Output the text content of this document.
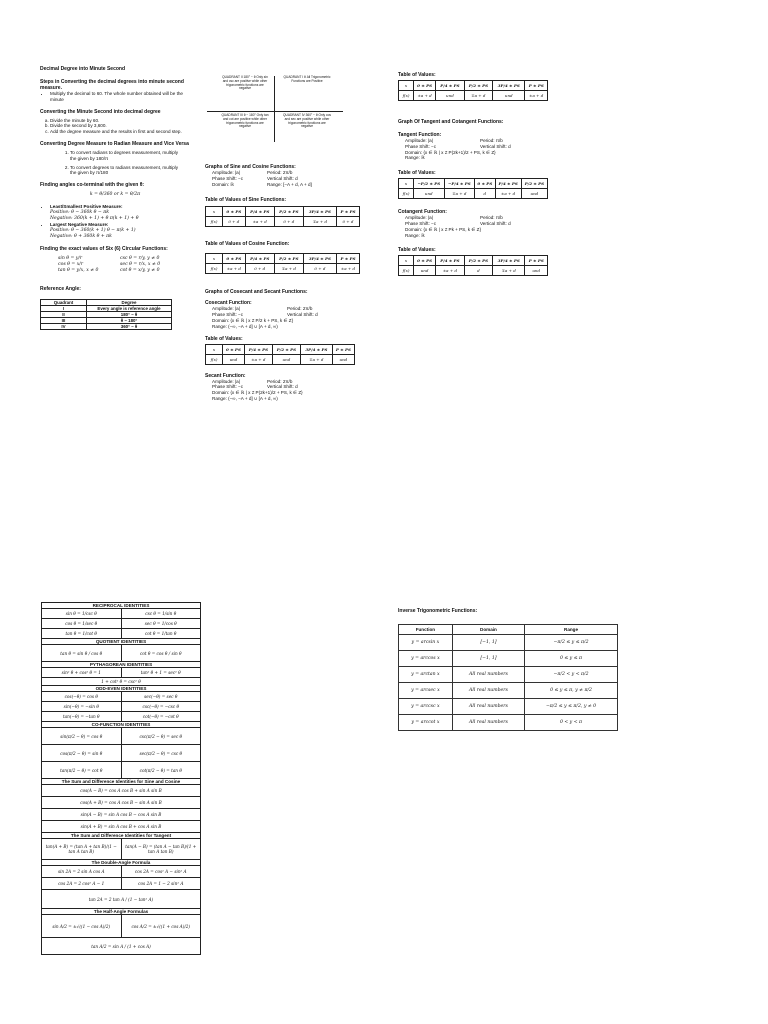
Decimal Degree into Minute Second
Steps in Converting the decimal degrees into minute second measure.
• Multiply the decimal to 60. The whole number obtained will be the minute
Converting the Minute Second into decimal degree
a. Divide the minute by 60.
b. Divide the second by 3,600.
c. Add the degree measure and the results in first and second step.
Converting Degree Measure to Radian Measure and Vice Versa
1. To convert radians to degrees measurement, multiply the given by 180/π
2. To convert degrees to radians measurement, multiply the given by π/180
Finding angles co-terminal with the given θ:
k = θ/360 or k = θ/2π
• Least/Smallest Positive Measure:
Positive: θ − 360k θ − πk
Negative: 360(k + 1) + θ π(k + 1) + θ
• Largest Negative Measure:
Positive: θ − 360(k + 1) θ − π(k + 1)
Negative: θ + 360k θ + πk
Finding the exact values of Six (6) Circular Functions:
sin θ = y/r	csc θ = r/y, y ≠ 0
cos θ = x/r	sec θ = r/x, x ≠ 0
tan θ = y/x, x ≠ 0	cot θ = x/y, y ≠ 0
Reference Angle:
Quadrant	Degree
I	Every angle is reference angle
II	180° − θ
III	θ − 180°
IV	360° − θ
QUADRANT II 180° − θ Only sin and csc are positive while other trigonometric functions are negative
QUADRANT I θ All Trigonometric Functions are Positive
QUADRANT III θ − 180° Only tan and cot are positive while other trigonometric functions are negative
QUADRANT IV 360° − θ Only cos and sec are positive while other trigonometric functions are negative
Graphs of Sine and Cosine Functions:
Amplitude: |a|	Period: 2π/b
Phase Shift: −c	Vertical Shift: d
Domain: ℝ	Range: [−A + d, A + d]
Table of Values of Sine Functions:
x	0 ± PS	P/4 ± PS	P/2 ± PS	3P/4 ± PS	P ± PS
f(x)	0 + d	±a + d	0 + d	∓a + d	0 + d
Table of Values of Cosine Function:
x	0 ± PS	P/4 ± PS	P/2 ± PS	3P/4 ± PS	P ± PS
f(x)	±a + d	0 + d	∓a + d	0 + d	±a + d
Graphs of Cosecant and Secant Functions:
Cosecant Function:
Amplitude: |a|	Period: 2π/b
Phase Shift: −c	Vertical Shift: d
Domain: {x ∈ ℝ | x ≠ P/2 k + PS, k ∈ Z}
Range: (−∞, −A + d] ∪ [A + d, ∞)
Table of Values:
x	0 ± PS	P/4 ± PS	P/2 ± PS	3P/4 ± PS	P ± PS
f(x)	und	±a + d	und	∓a + d	und
Secant Function:
Amplitude: |a|	Period: 2π/b
Phase Shift: −c	Vertical Shift: d
Domain: {x ∈ ℝ | x ≠ P(2k+1)/2 + PS, k ∈ Z}
Range: (−∞, −A + d] ∪ [A + d, ∞)
Table of Values:
x	0 ± PS	P/4 ± PS	P/2 ± PS	3P/4 ± PS	P ± PS
f(x)	±a + d	und	∓a + d	und	±a + d
Graph Of Tangent and Cotangent Functions:
Tangent Function:
Amplitude: |a|	Period: π/b
Phase Shift: −c	Vertical Shift: d
Domain: {x ∈ ℝ | x ≠ P(2k+1)/2 + PS, k ∈ Z}
Range: ℝ
Table of Values:
x	−P/2 ± PS	−P/4 ± PS	0 ± PS	P/4 ± PS	P/2 ± PS
f(x)	und	∓a + d	d	±a + d	und
Cotangent Function:
Amplitude: |a|	Period: π/b
Phase Shift: −c	Vertical Shift: d
Domain: {x ∈ ℝ | x ≠ Pk + PS, k ∈ Z}
Range: ℝ
Table of Values:
x	0 ± PS	P/4 ± PS	P/2 ± PS	3P/4 ± PS	P ± PS
f(x)	und	±a + d	d	∓a + d	und
RECIPROCAL IDENTITIES	
sin θ = 1/csc θ	csc θ = 1/sin θ
cos θ = 1/sec θ	sec θ = 1/cos θ
tan θ = 1/cot θ	cot θ = 1/tan θ
QUOTIENT IDENTITIES	
tan θ = sin θ / cos θ	cot θ = cos θ / sin θ
PYTHAGOREAN IDENTITIES	
sin² θ + cos² θ = 1	tan² θ + 1 = sec² θ
1 + cot² θ = csc² θ	
ODD-EVEN IDENTITIES	
cos(−θ) = cos θ	sec(−θ) = sec θ
sin(−θ) = −sin θ	csc(−θ) = −csc θ
tan(−θ) = −tan θ	cot(−θ) = −cot θ
CO-FUNCTION IDENTITIES	
sin(π/2 − θ) = cos θ	csc(π/2 − θ) = sec θ
cos(π/2 − θ) = sin θ	sec(π/2 − θ) = csc θ
tan(π/2 − θ) = cot θ	cot(π/2 − θ) = tan θ
The Sum and Difference Identities for Sine and Cosine	
cos(A − B) = cos A cos B + sin A sin B	
cos(A + B) = cos A cos B − sin A sin B	
sin(A − B) = sin A cos B − cos A sin B	
sin(A + B) = sin A cos B + cos A sin B	
The Sum and Difference Identities for Tangent	
tan(A + B) = (tan A + tan B)/(1 − tan A tan B)	tan(A − B) = (tan A − tan B)/(1 + tan A tan B)
The Double-Angle Formula	
sin 2A = 2 sin A cos A	cos 2A = cos² A − sin² A
cos 2A = 2 cos² A − 1	cos 2A = 1 − 2 sin² A
tan 2A = 2 tan A / (1 − tan² A)	
The Half-Angle Formulas	
sin A/2 = ±√((1 − cos A)/2)	cos A/2 = ±√((1 + cos A)/2)
tan A/2 = sin A / (1 + cos A)	
Inverse Trigonometric Functions:
Function	Domain	Range
y = arcsin x	[−1, 1]	−π/2 ≤ y ≤ π/2
y = arccos x	[−1, 1]	0 ≤ y ≤ π
y = arctan x	All real numbers	−π/2 < y < π/2
y = arcsec x	All real numbers	0 ≤ y ≤ π, y ≠ π/2
y = arccsc x	All real numbers	−π/2 ≤ y ≤ π/2, y ≠ 0
y = arccot x	All real numbers	0 < y < π
